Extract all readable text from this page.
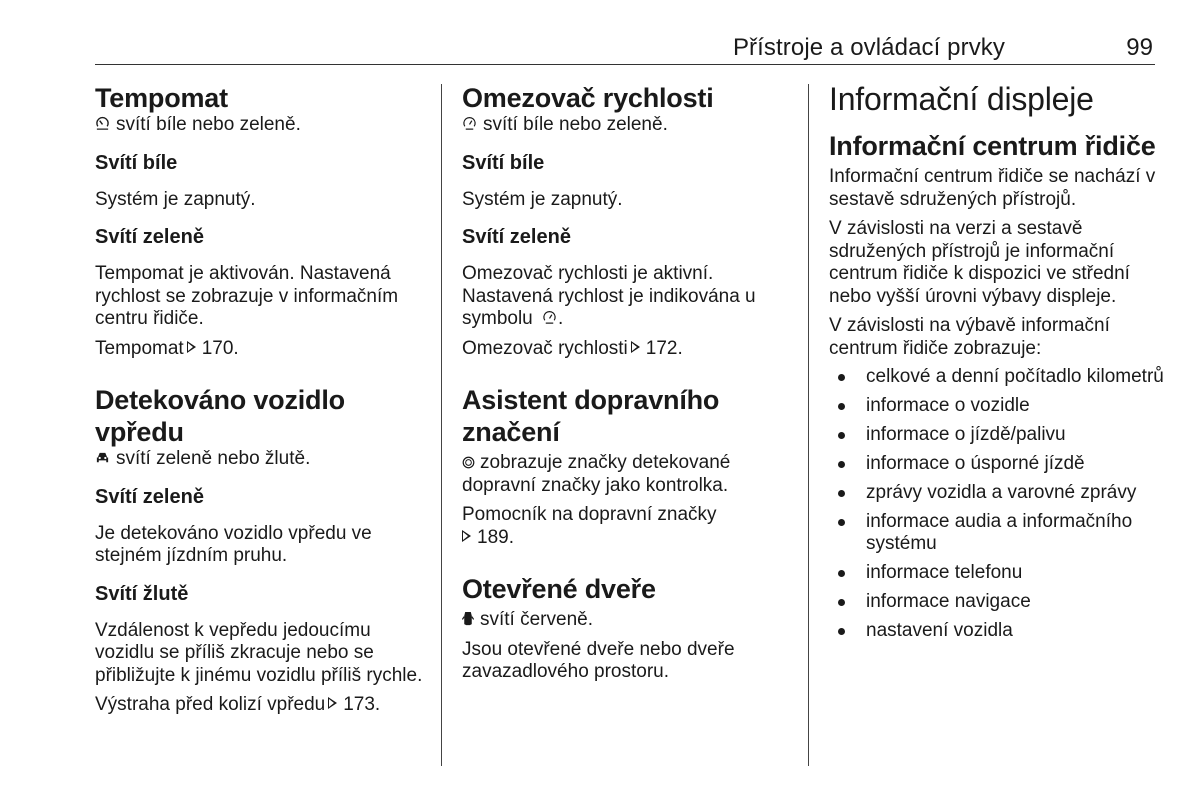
Přístroje a ovládací prvky	99
Tempomat

svítí bíle nebo zeleně.

Svítí bíle

Systém je zapnutý.

Svítí zeleně

Tempomat je aktivován. Nastavená rychlost se zobrazuje v informačním centru řidiče.

Tempomat 170.

Detekováno vozidlo vpředu

svítí zeleně nebo žlutě.

Svítí zeleně

Je detekováno vozidlo vpředu ve stejném jízdním pruhu.

Svítí žlutě

Vzdálenost k vepředu jedoucímu vozidlu se příliš zkracuje nebo se přibližujte k jinému vozidlu příliš rychle.

Výstraha před kolizí vpředu 173.

Omezovač rychlosti

svítí bíle nebo zeleně.

Svítí bíle

Systém je zapnutý.

Svítí zeleně

Omezovač rychlosti je aktivní. Nastavená rychlost je indikována u symbolu .

Omezovač rychlosti 172.

Asistent dopravního značení

zobrazuje značky detekované dopravní značky jako kontrolka.

Pomocník na dopravní značky
189.

Otevřené dveře

svítí červeně.

Jsou otevřené dveře nebo dveře zavazadlového prostoru.

Informační displeje
Informační centrum řidiče

Informační centrum řidiče se nachází v sestavě sdružených přístrojů.

V závislosti na verzi a sestavě sdružených přístrojů je informační centrum řidiče k dispozici ve střední nebo vyšší úrovni výbavy displeje.

V závislosti na výbavě informační centrum řidiče zobrazuje:

celkové a denní počítadlo kilometrů
informace o vozidle
informace o jízdě/palivu
informace o úsporné jízdě
zprávy vozidla a varovné zprávy
informace audia a informačního systému
informace telefonu
informace navigace
nastavení vozidla
